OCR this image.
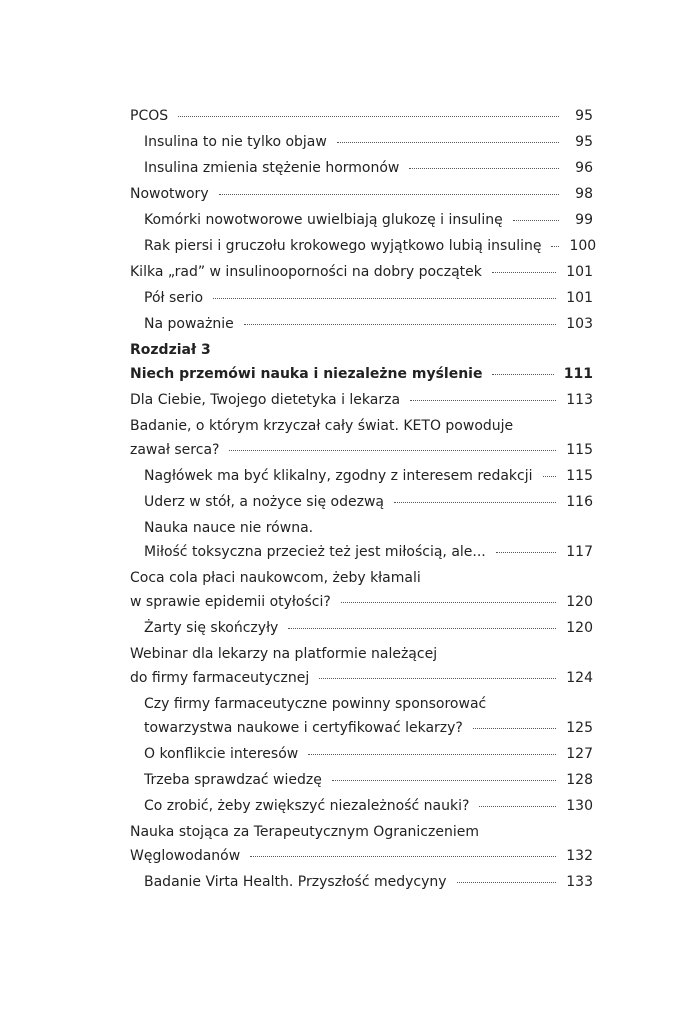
PCOS	95
Insulina to nie tylko objaw	95
Insulina zmienia stężenie hormonów	96
Nowotwory	98
Komórki nowotworowe uwielbiają glukozę i insulinę	99
Rak piersi i gruczołu krokowego wyjątkowo lubią insulinę 100
Kilka „rad” w insulinooporności na dobry początek	101
Pół serio	101
Na poważnie	103
Rozdział 3
Niech przemówi nauka i niezależne myślenie	111
Dla Ciebie, Twojego dietetyka i lekarza	113
Badanie, o którym krzyczał cały świat. KETO powoduje
zawał serca?	115
Nagłówek ma być klikalny, zgodny z interesem redakcji 115
Uderz w stół, a nożyce się odezwą	116
Nauka nauce nie równa.
Miłość toksyczna przecież też jest miłością, ale...	117
Coca cola płaci naukowcom, żeby kłamali
w sprawie epidemii otyłości?	120
Żarty się skończyły	120
Webinar dla lekarzy na platformie należącej
do firmy farmaceutycznej	124
Czy firmy farmaceutyczne powinny sponsorować
towarzystwa naukowe i certyfikować lekarzy?	125
O konflikcie interesów	127
Trzeba sprawdzać wiedzę	128
Co zrobić, żeby zwiększyć niezależność nauki?	130
Nauka stojąca za Terapeutycznym Ograniczeniem
Węglowodanów	132
Badanie Virta Health. Przyszłość medycyny	133
